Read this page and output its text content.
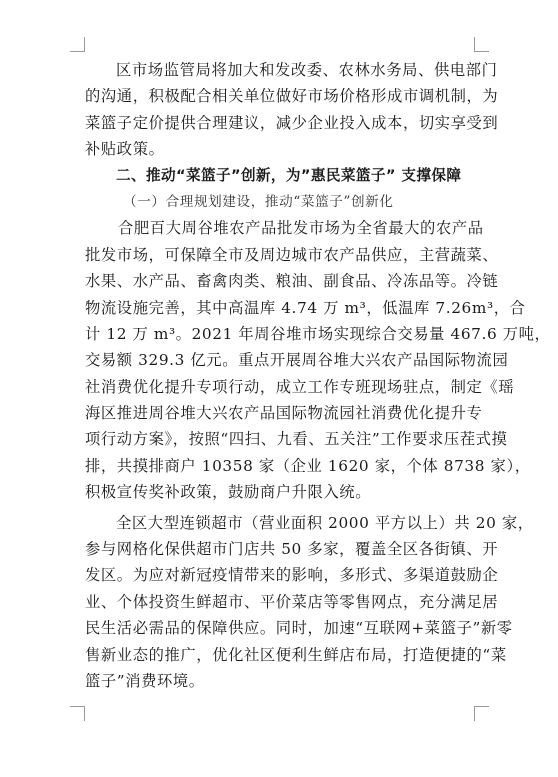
区市场监管局将加大和发改委、农林水务局、供电部门
的沟通，积极配合相关单位做好市场价格形成市调机制，为
菜篮子定价提供合理建议，减少企业投入成本，切实享受到
补贴政策。
二、推动“菜篮子”创新，为”惠民菜篮子” 支撑保障
（一）合理规划建设，推动“菜篮子”创新化
合肥百大周谷堆农产品批发市场为全省最大的农产品
批发市场，可保障全市及周边城市农产品供应，主营蔬菜、
水果、水产品、畜禽肉类、粮油、副食品、冷冻品等。冷链
物流设施完善，其中高温库 4.74 万 m³，低温库 7.26m³，合
计 12 万 m³。2021 年周谷堆市场实现综合交易量 467.6 万吨，
交易额 329.3 亿元。重点开展周谷堆大兴农产品国际物流园
社消费优化提升专项行动，成立工作专班现场驻点，制定《瑶
海区推进周谷堆大兴农产品国际物流园社消费优化提升专
项行动方案》，按照“四扫、九看、五关注”工作要求压茬式摸
排，共摸排商户 10358 家（企业 1620 家，个体 8738 家），
积极宣传奖补政策，鼓励商户升限入统。
全区大型连锁超市（营业面积 2000 平方以上）共 20 家，
参与网格化保供超市门店共 50 多家，覆盖全区各街镇、开
发区。为应对新冠疫情带来的影响，多形式、多渠道鼓励企
业、个体投资生鲜超市、平价菜店等零售网点，充分满足居
民生活必需品的保障供应。同时，加速“互联网+菜篮子”新零
售新业态的推广，优化社区便利生鲜店布局，打造便捷的“菜
篮子”消费环境。
